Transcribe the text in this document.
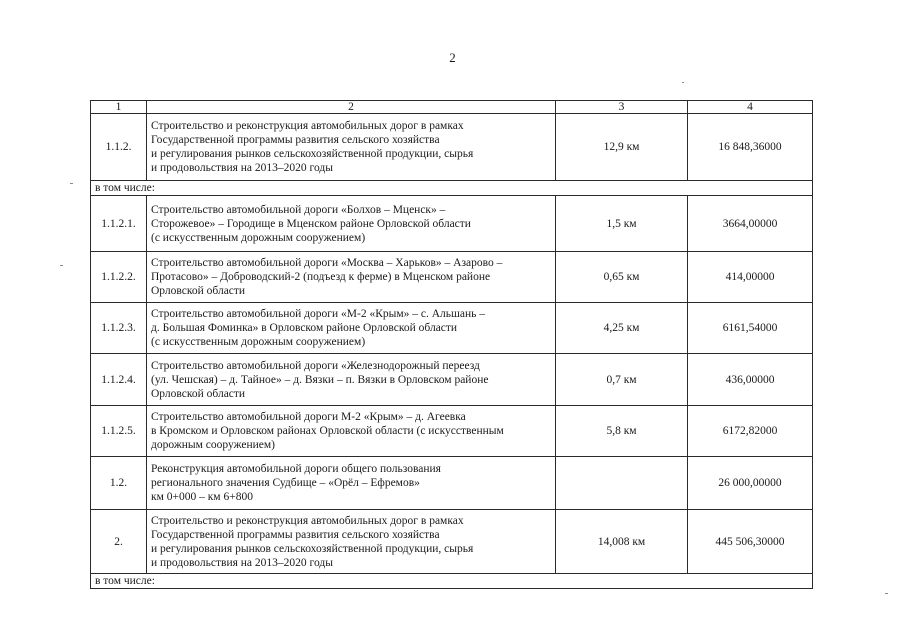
2
1	2	3	4
1.1.2.	Строительство и реконструкция автомобильных дорог в рамках
Государственной программы развития сельского хозяйства
и регулирования рынков сельскохозяйственной продукции, сырья
и продовольствия на 2013–2020 годы	12,9 км	16 848,36000
в том числе:			
1.1.2.1.	Строительство автомобильной дороги «Болхов – Мценск» –
Сторожевое» – Городище в Мценском районе Орловской области
(с искусственным дорожным сооружением)	1,5 км	3664,00000
1.1.2.2.	Строительство автомобильной дороги «Москва – Харьков» – Азарово –
Протасово» – Доброводский-2 (подъезд к ферме) в Мценском районе
Орловской области	0,65 км	414,00000
1.1.2.3.	Строительство автомобильной дороги «М-2 «Крым» – с. Альшань –
д. Большая Фоминка» в Орловском районе Орловской области
(с искусственным дорожным сооружением)	4,25 км	6161,54000
1.1.2.4.	Строительство автомобильной дороги «Железнодорожный переезд
(ул. Чешская) – д. Тайное» – д. Вязки – п. Вязки в Орловском районе
Орловской области	0,7 км	436,00000
1.1.2.5.	Строительство автомобильной дороги М-2 «Крым» – д. Агеевка
в Кромском и Орловском районах Орловской области (с искусственным
дорожным сооружением)	5,8 км	6172,82000
1.2.	Реконструкция автомобильной дороги общего пользования
регионального значения Судбище – «Орёл – Ефремов»
км 0+000 – км 6+800		26 000,00000
2.	Строительство и реконструкция автомобильных дорог в рамках
Государственной программы развития сельского хозяйства
и регулирования рынков сельскохозяйственной продукции, сырья
и продовольствия на 2013–2020 годы	14,008 км	445 506,30000
в том числе:			
